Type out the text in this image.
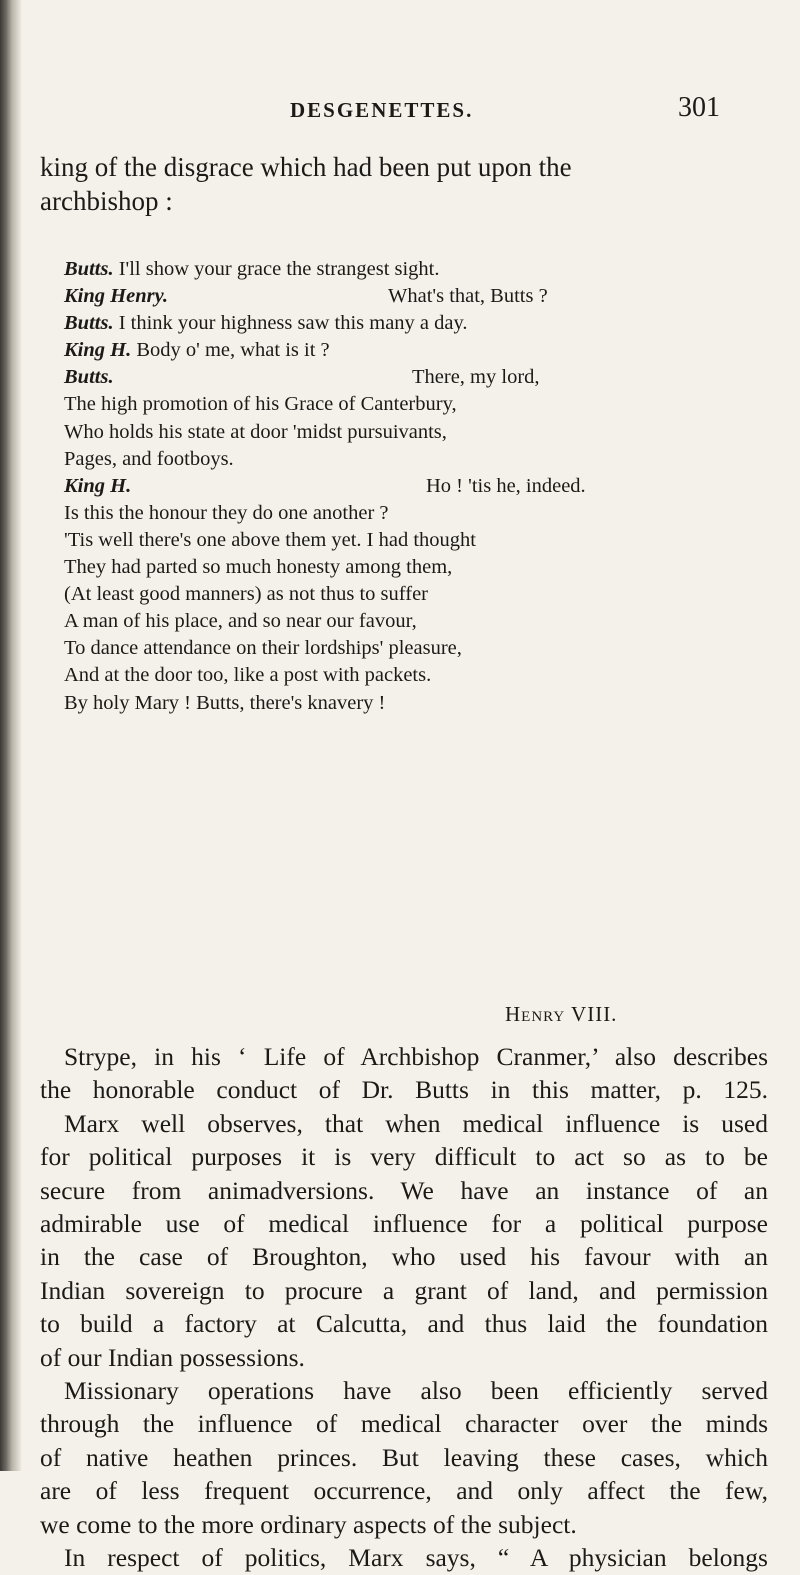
DESGENETTES.	301
king of the disgrace which had been put upon the
archbishop :
Butts. I'll show your grace the strangest sight.
King Henry.	What's that, Butts ?
Butts. I think your highness saw this many a day.
King H. Body o' me, what is it ?
Butts.	There, my lord,
The high promotion of his Grace of Canterbury,
Who holds his state at door 'midst pursuivants,
Pages, and footboys.
King H.	Ho ! 'tis he, indeed.
Is this the honour they do one another ?
'Tis well there's one above them yet. I had thought
They had parted so much honesty among them,
(At least good manners) as not thus to suffer
A man of his place, and so near our favour,
To dance attendance on their lordships' pleasure,
And at the door too, like a post with packets.
By holy Mary ! Butts, there's knavery !
Henry VIII.
Strype, in his ‘ Life of Archbishop Cranmer,’ also describes
the honorable conduct of Dr. Butts in this matter, p. 125.
Marx well observes, that when medical influence is used
for political purposes it is very difficult to act so as to be
secure from animadversions. We have an instance of an
admirable use of medical influence for a political purpose
in the case of Broughton, who used his favour with an
Indian sovereign to procure a grant of land, and permission
to build a factory at Calcutta, and thus laid the foundation
of our Indian possessions.
Missionary operations have also been efficiently served
through the influence of medical character over the minds
of native heathen princes. But leaving these cases, which
are of less frequent occurrence, and only affect the few,
we come to the more ordinary aspects of the subject.
In respect of politics, Marx says, “ A physician belongs
